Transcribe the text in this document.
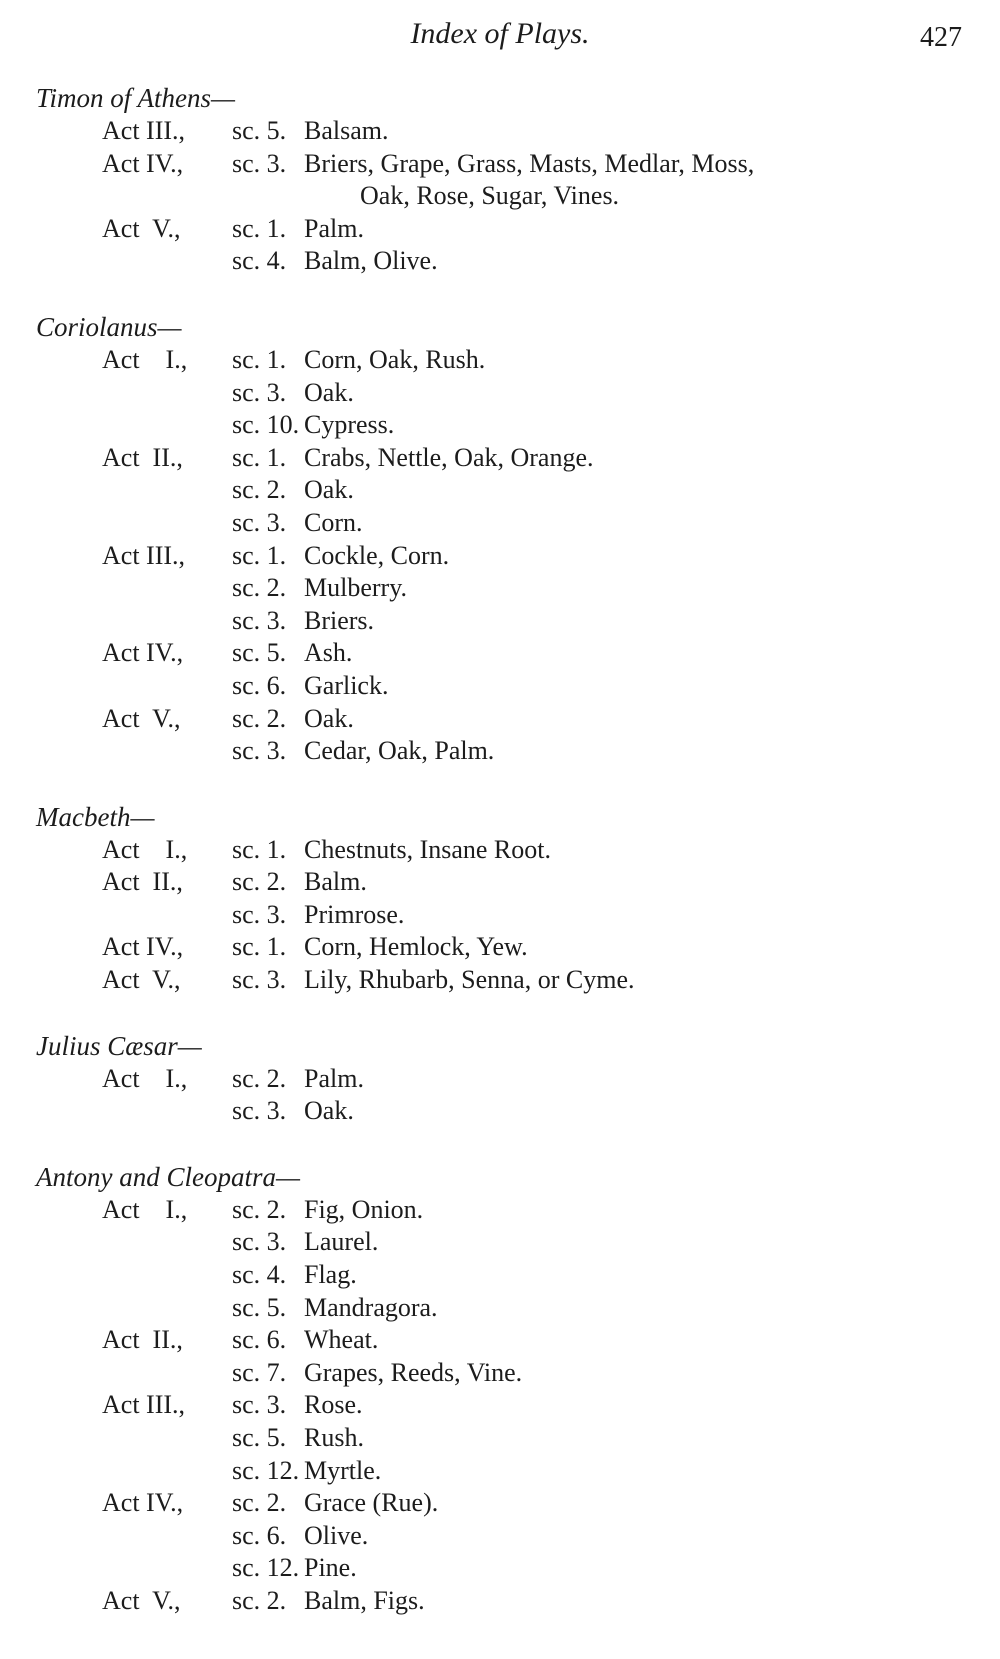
Index of Plays.	427
Timon of Athens—
Act III., sc. 5. Balsam.
Act IV., sc. 3. Briers, Grape, Grass, Masts, Medlar, Moss,
Oak, Rose, Sugar, Vines.
Act  V., sc. 1. Palm.
sc. 4. Balm, Olive.
Coriolanus—
Act    I., sc. 1. Corn, Oak, Rush.
sc. 3. Oak.
sc. 10. Cypress.
Act  II., sc. 1. Crabs, Nettle, Oak, Orange.
sc. 2. Oak.
sc. 3. Corn.
Act III., sc. 1. Cockle, Corn.
sc. 2. Mulberry.
sc. 3. Briers.
Act IV., sc. 5. Ash.
sc. 6. Garlick.
Act  V., sc. 2. Oak.
sc. 3. Cedar, Oak, Palm.
Macbeth—
Act    I., sc. 1. Chestnuts, Insane Root.
Act  II., sc. 2. Balm.
sc. 3. Primrose.
Act IV., sc. 1. Corn, Hemlock, Yew.
Act  V., sc. 3. Lily, Rhubarb, Senna, or Cyme.
Julius Cæsar—
Act    I., sc. 2. Palm.
sc. 3. Oak.
Antony and Cleopatra—
Act    I., sc. 2. Fig, Onion.
sc. 3. Laurel.
sc. 4. Flag.
sc. 5. Mandragora.
Act  II., sc. 6. Wheat.
sc. 7. Grapes, Reeds, Vine.
Act III., sc. 3. Rose.
sc. 5. Rush.
sc. 12. Myrtle.
Act IV., sc. 2. Grace (Rue).
sc. 6. Olive.
sc. 12. Pine.
Act  V., sc. 2. Balm, Figs.
